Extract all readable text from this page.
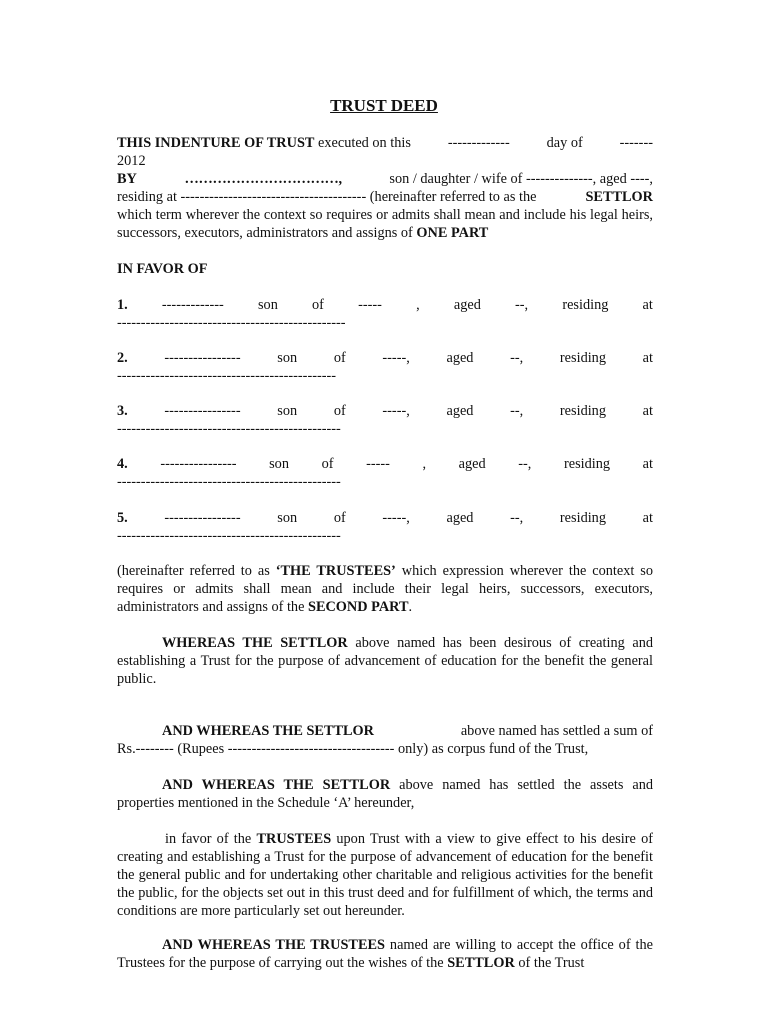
TRUST DEED
THIS INDENTURE OF TRUST executed on this	-------------	day of	-------
2012
BY	……………………………,	son / daughter / wife of --------------, aged ----,
residing at --------------------------------------- (hereinafter referred to as the	SETTLOR
which term wherever the context so requires or admits shall mean and include his legal heirs, successors, executors, administrators and assigns of ONE PART
IN FAVOR OF
1. ------------- son of ----- , aged --, residing at
------------------------------------------------
2.	----------------	son	of	-----,	aged	--,	residing	at
----------------------------------------------
3.	----------------	son	of	-----,	aged	--,	residing	at
-----------------------------------------------
4. ---------------- son of ----- , aged --, residing at
-----------------------------------------------
5.	----------------	son	of	-----,	aged	--,	residing	at
-----------------------------------------------
(hereinafter referred to as ‘THE TRUSTEES’ which expression wherever the context so requires or admits shall mean and include their legal heirs, successors, executors, administrators and assigns of the SECOND PART.
WHEREAS THE SETTLOR above named has been desirous of creating and establishing a Trust for the purpose of advancement of education for the benefit the general public.
AND WHEREAS THE SETTLOR	above named has settled a sum of
Rs.-------- (Rupees ----------------------------------- only) as corpus fund of the Trust,
AND WHEREAS THE SETTLOR above named has settled the assets and properties mentioned in the Schedule ‘A’ hereunder,
in favor of the TRUSTEES upon Trust with a view to give effect to his desire of creating and establishing a Trust for the purpose of advancement of education for the benefit the general public and for undertaking other charitable and religious activities for the benefit the public, for the objects set out in this trust deed and for fulfillment of which, the terms and conditions are more particularly set out hereunder.
AND WHEREAS THE TRUSTEES named are willing to accept the office of the Trustees for the purpose of carrying out the wishes of the SETTLOR of the Trust
